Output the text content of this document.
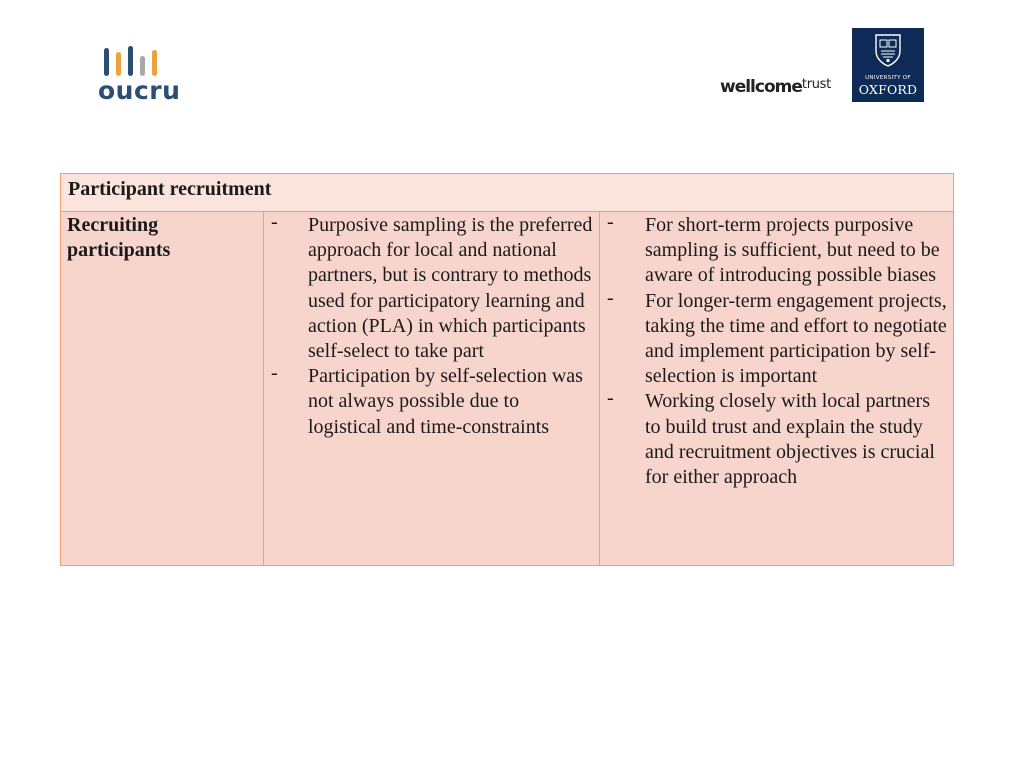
oucru	wellcome$^{trust}$	UNIVERSITY OF
OXFORD
Participant recruitment
Recruiting participants
- Purposive sampling is the preferred approach for local and national partners, but is contrary to methods used for participatory learning and action (PLA) in which participants self-select to take part
- Participation by self-selection was not always possible due to logistical and time-constraints
- For short-term projects purposive sampling is sufficient, but need to be aware of introducing possible biases
- For longer-term engagement projects, taking the time and effort to negotiate and implement participation by self-selection is important
- Working closely with local partners to build trust and explain the study and recruitment objectives is crucial for either approach
